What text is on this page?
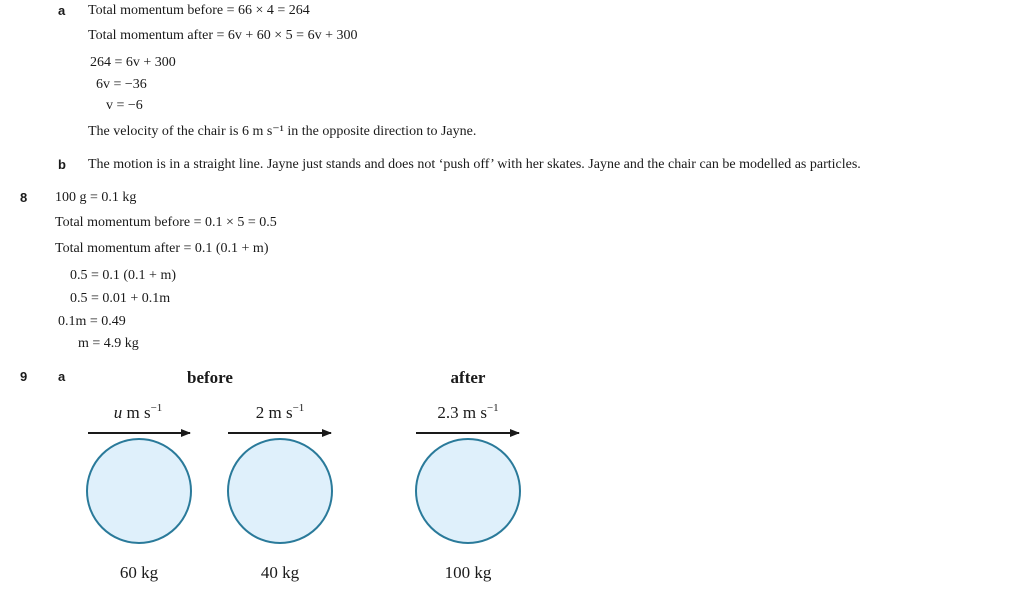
a Total momentum before = 66 × 4 = 264
Total momentum after = 6v + 60 × 5 = 6v + 300
264 = 6v + 300
6v = −36
v = −6
The velocity of the chair is 6 m s⁻¹ in the opposite direction to Jayne.
b The motion is in a straight line. Jayne just stands and does not ‘push off’ with her skates. Jayne and the chair can be modelled as particles.
8 100 g = 0.1 kg
Total momentum before = 0.1 × 5 = 0.5
Total momentum after = 0.1 (0.1 + m)
0.5 = 0.1 (0.1 + m)
0.5 = 0.01 + 0.1m
0.1m = 0.49
m = 4.9 kg
9 a	before	after
u m $s^{-1}$	2 m $s^{-1}$	2.3 m $s^{-1}$
60 kg	40 kg	100 kg
